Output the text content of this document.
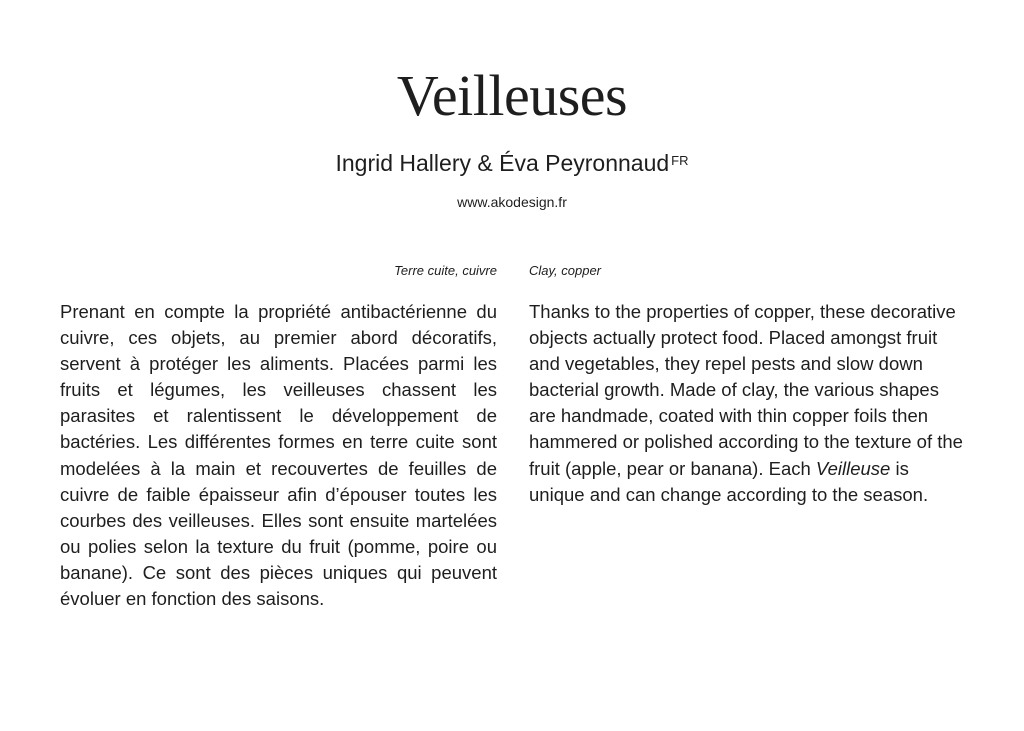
Veilleuses
Ingrid Hallery & Éva Peyronnaud $^{FR}$
www.akodesign.fr
Terre cuite, cuivre Clay, copper

Prenant en compte la propriété antibactérienne du cuivre, ces objets, au premier abord décoratifs, servent à protéger les aliments. Placées parmi les fruits et légumes, les veilleuses chassent les parasites et ralentissent le développement de bactéries. Les différentes formes en terre cuite sont modelées à la main et recouvertes de feuilles de cuivre de faible épaisseur afin d’épouser toutes les courbes des veilleuses. Elles sont ensuite martelées ou polies selon la texture du fruit (pomme, poire ou banane). Ce sont des pièces uniques qui peuvent évoluer en fonction des saisons.

Thanks to the properties of copper, these decorative objects actually protect food. Placed amongst fruit and vegetables, they repel pests and slow down bacterial growth. Made of clay, the various shapes are handmade, coated with thin copper foils then hammered or polished according to the texture of the fruit (apple, pear or banana). Each Veilleuse is unique and can change according to the season.
